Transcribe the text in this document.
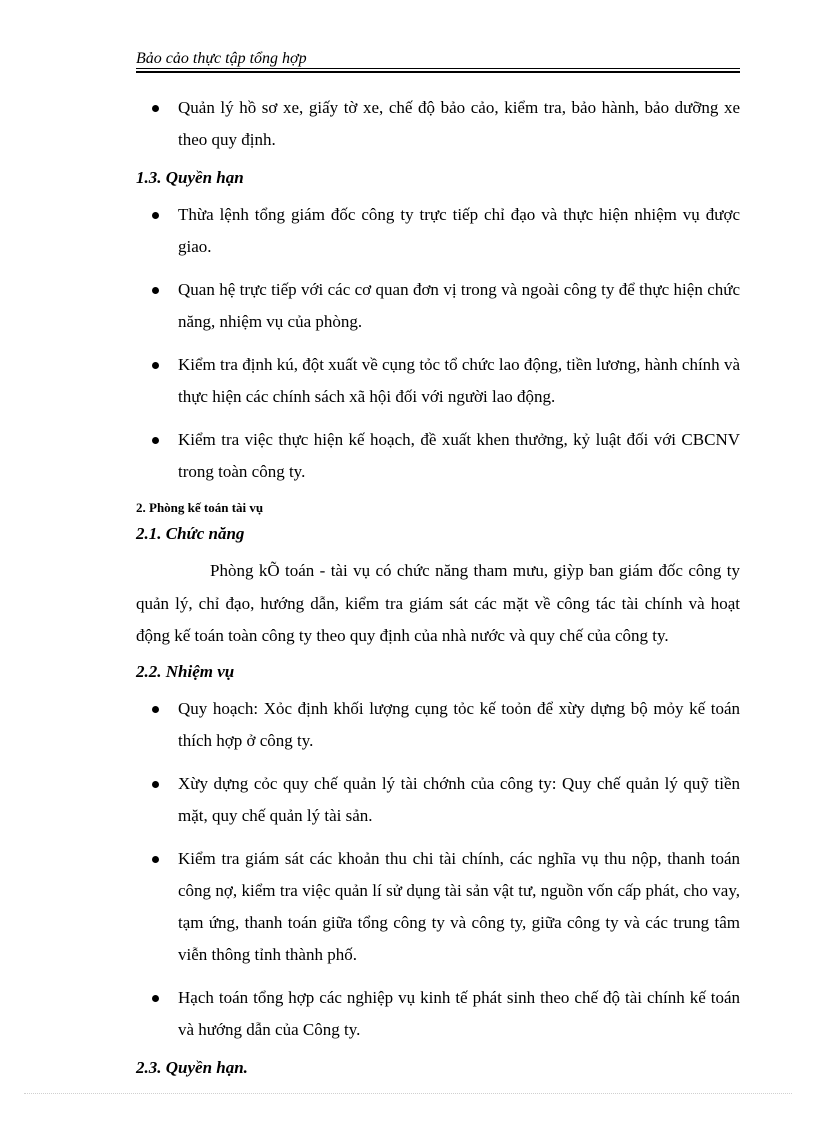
Bảo cảo thực tập tổng hợp
Quản lý hồ sơ xe, giấy tờ xe, chế độ bảo cảo, kiểm tra, bảo hành, bảo dưỡng xe theo quy định.
1.3. Quyền hạn
Thừa lệnh tổng giám đốc công ty trực tiếp chỉ đạo và thực hiện nhiệm vụ được giao.
Quan hệ trực tiếp với các cơ quan đơn vị trong và ngoài công ty để thực hiện chức năng, nhiệm vụ của phòng.
Kiểm tra định kú, đột xuất về cụng tỏc tổ chức lao động, tiền lương, hành chính và thực hiện các chính sách xã hội đối với người lao động.
Kiểm tra việc thực hiện kế hoạch, đề xuất khen thưởng, kỷ luật đối với CBCNV trong toàn công ty.
2. Phòng kế toán tài vụ
2.1. Chức năng
Phòng kÕ toán - tài vụ có chức năng tham mưu, giỳp ban giám đốc công ty quản lý, chỉ đạo, hướng dẫn, kiểm tra giám sát các mặt về công tác tài chính và hoạt động kế toán toàn công ty theo quy định của nhà nước và quy chế của công ty.
2.2. Nhiệm vụ
Quy hoạch: Xỏc định khối lượng cụng tỏc kế toỏn để xừy dựng bộ mỏy kế toán thích hợp ở công ty.
Xừy dựng cỏc quy chế quản lý tài chớnh của công ty: Quy chế quản lý quỹ tiền mặt, quy chế quản lý tài sản.
Kiểm tra giám sát các khoản thu chi tài chính, các nghĩa vụ thu nộp, thanh toán công nợ, kiểm tra việc quản lí sử dụng tài sản vật tư, nguồn vốn cấp phát, cho vay, tạm ứng, thanh toán giữa tổng công ty và công ty, giữa công ty và các trung tâm viễn thông tỉnh thành phố.
Hạch toán tổng hợp các nghiệp vụ kinh tế phát sinh theo chế độ tài chính kế toán và hướng dẫn của Công ty.
2.3. Quyền hạn.
